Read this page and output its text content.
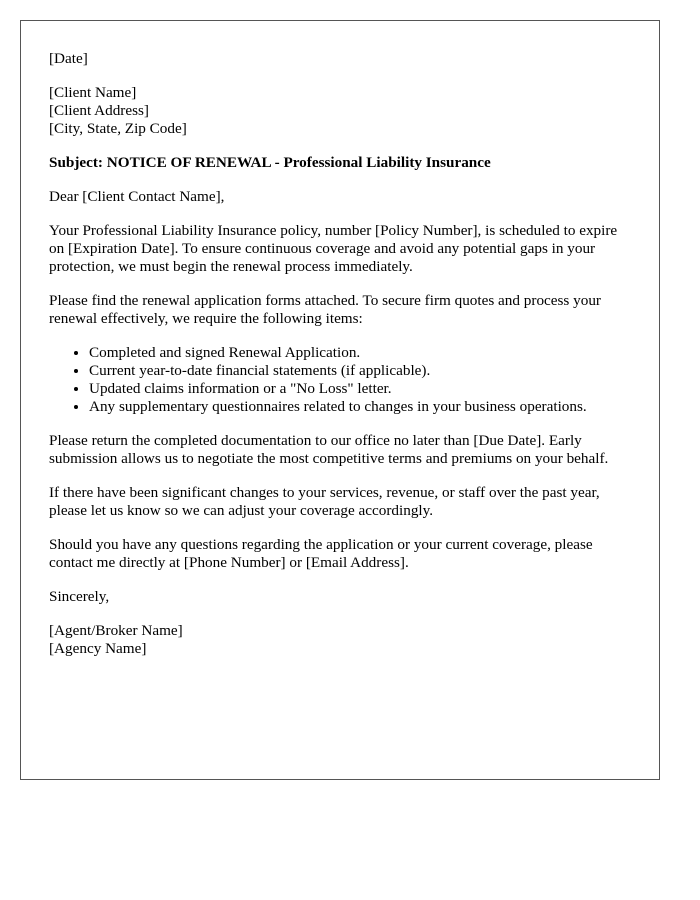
[Date]

[Client Name]
[Client Address]
[City, State, Zip Code]

Subject: NOTICE OF RENEWAL - Professional Liability Insurance

Dear [Client Contact Name],

Your Professional Liability Insurance policy, number [Policy Number], is scheduled to expire on [Expiration Date]. To ensure continuous coverage and avoid any potential gaps in your protection, we must begin the renewal process immediately.

Please find the renewal application forms attached. To secure firm quotes and process your renewal effectively, we require the following items:

• Completed and signed Renewal Application.
• Current year-to-date financial statements (if applicable).
• Updated claims information or a "No Loss" letter.
• Any supplementary questionnaires related to changes in your business operations.

Please return the completed documentation to our office no later than [Due Date]. Early submission allows us to negotiate the most competitive terms and premiums on your behalf.

If there have been significant changes to your services, revenue, or staff over the past year, please let us know so we can adjust your coverage accordingly.

Should you have any questions regarding the application or your current coverage, please contact me directly at [Phone Number] or [Email Address].

Sincerely,

[Agent/Broker Name]
[Agency Name]
